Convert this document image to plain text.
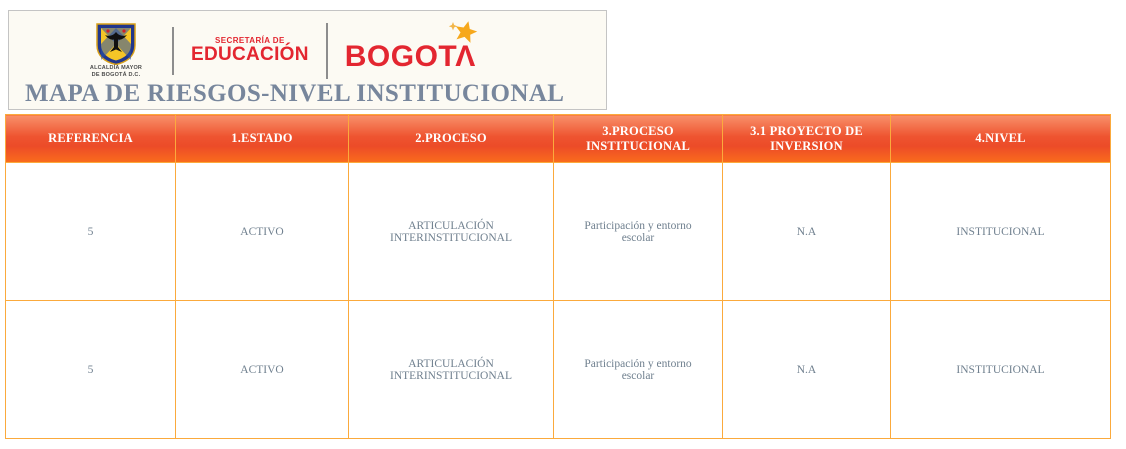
ALCALDÍA MAYOR
DE BOGOTÁ D.C.
SECRETARÍA DE
EDUCACIÓN BOGOTΛ
MAPA DE RIESGOS-NIVEL INSTITUCIONAL
REFERENCIA	1.ESTADO	2.PROCESO	3.PROCESO INSTITUCIONAL	3.1 PROYECTO DE INVERSION	4.NIVEL
5	ACTIVO	ARTICULACIÓN INTERINSTITUCIONAL	Participación y entorno escolar	N.A	INSTITUCIONAL
5	ACTIVO	ARTICULACIÓN INTERINSTITUCIONAL	Participación y entorno escolar	N.A	INSTITUCIONAL
